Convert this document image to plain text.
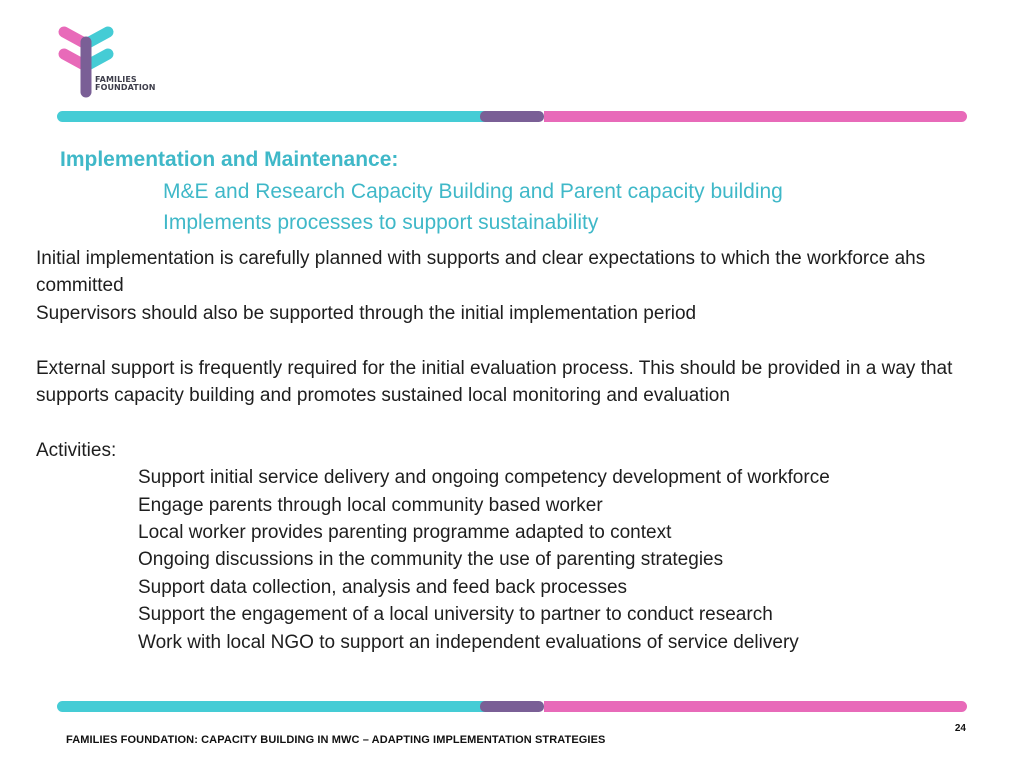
FAMILIES
FOUNDATION
Implementation and Maintenance:

M&E and Research Capacity Building and Parent capacity building

Implements processes to support sustainability

Initial implementation is carefully planned with supports and clear expectations to which the workforce ahs committed

Supervisors should also be supported through the initial implementation period

External support is frequently required for the initial evaluation process. This should be provided in a way that supports capacity building and promotes sustained local monitoring and evaluation

Activities:

Support initial service delivery and ongoing competency development of workforce

Engage parents through local community based worker

Local worker provides parenting programme adapted to context

Ongoing discussions in the community the use of parenting strategies

Support data collection, analysis and feed back processes

Support the engagement of a local university to partner to conduct research

Work with local NGO to support an independent evaluations of service delivery

24
FAMILIES FOUNDATION: CAPACITY BUILDING IN MWC – ADAPTING IMPLEMENTATION STRATEGIES
